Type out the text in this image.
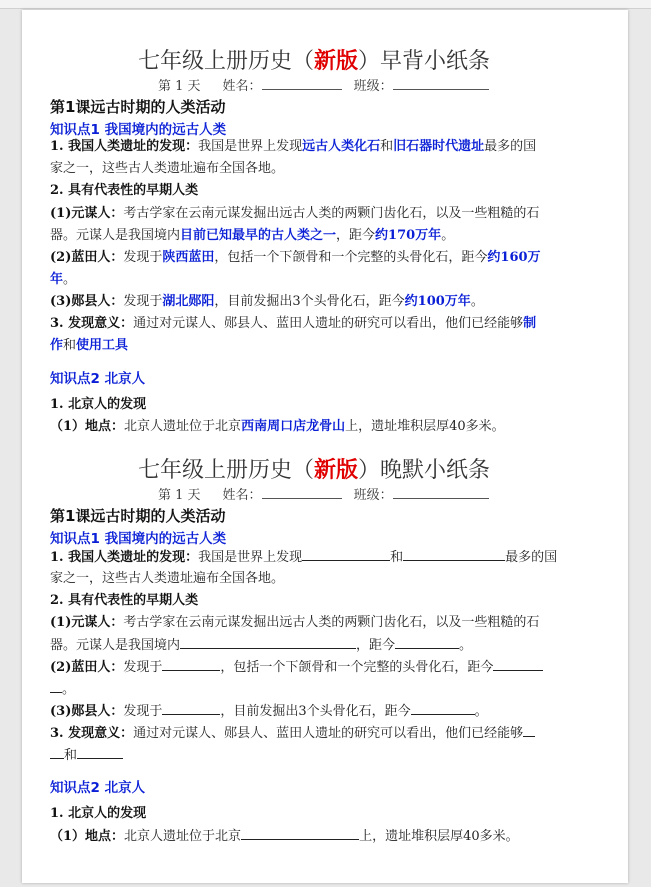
七年级上册历史（新版）早背小纸条
第 1 天 姓名：	班级：
第1课远古时期的人类活动
知识点1 我国境内的远古人类
1. 我国人类遗址的发现：我国是世界上发现远古人类化石和旧石器时代遗址最多的国
家之一，这些古人类遗址遍布全国各地。
2. 具有代表性的早期人类
(1)元谋人：考古学家在云南元谋发掘出远古人类的两颗门齿化石，以及一些粗糙的石
器。元谋人是我国境内目前已知最早的古人类之一，距今约170万年。
(2)蓝田人：发现于陕西蓝田，包括一个下颌骨和一个完整的头骨化石，距今约160万
年。
(3)郧县人：发现于湖北郧阳，目前发掘出3个头骨化石，距今约100万年。
3. 发现意义：通过对元谋人、郧县人、蓝田人遗址的研究可以看出，他们已经能够制
作和使用工具
知识点2 北京人
1. 北京人的发现
（1）地点：北京人遗址位于北京西南周口店龙骨山上，遗址堆积层厚40多米。
七年级上册历史（新版）晚默小纸条
第 1 天 姓名：	班级：
第1课远古时期的人类活动
知识点1 我国境内的远古人类
1. 我国人类遗址的发现：我国是世界上发现	和	最多的国
家之一，这些古人类遗址遍布全国各地。
2. 具有代表性的早期人类
(1)元谋人：考古学家在云南元谋发掘出远古人类的两颗门齿化石，以及一些粗糙的石
器。元谋人是我国境内	，距今	。
(2)蓝田人：发现于	，包括一个下颌骨和一个完整的头骨化石，距今
。
(3)郧县人：发现于	，目前发掘出3个头骨化石，距今	。
3. 发现意义：通过对元谋人、郧县人、蓝田人遗址的研究可以看出，他们已经能够
和
知识点2 北京人
1. 北京人的发现
（1）地点：北京人遗址位于北京	上，遗址堆积层厚40多米。
